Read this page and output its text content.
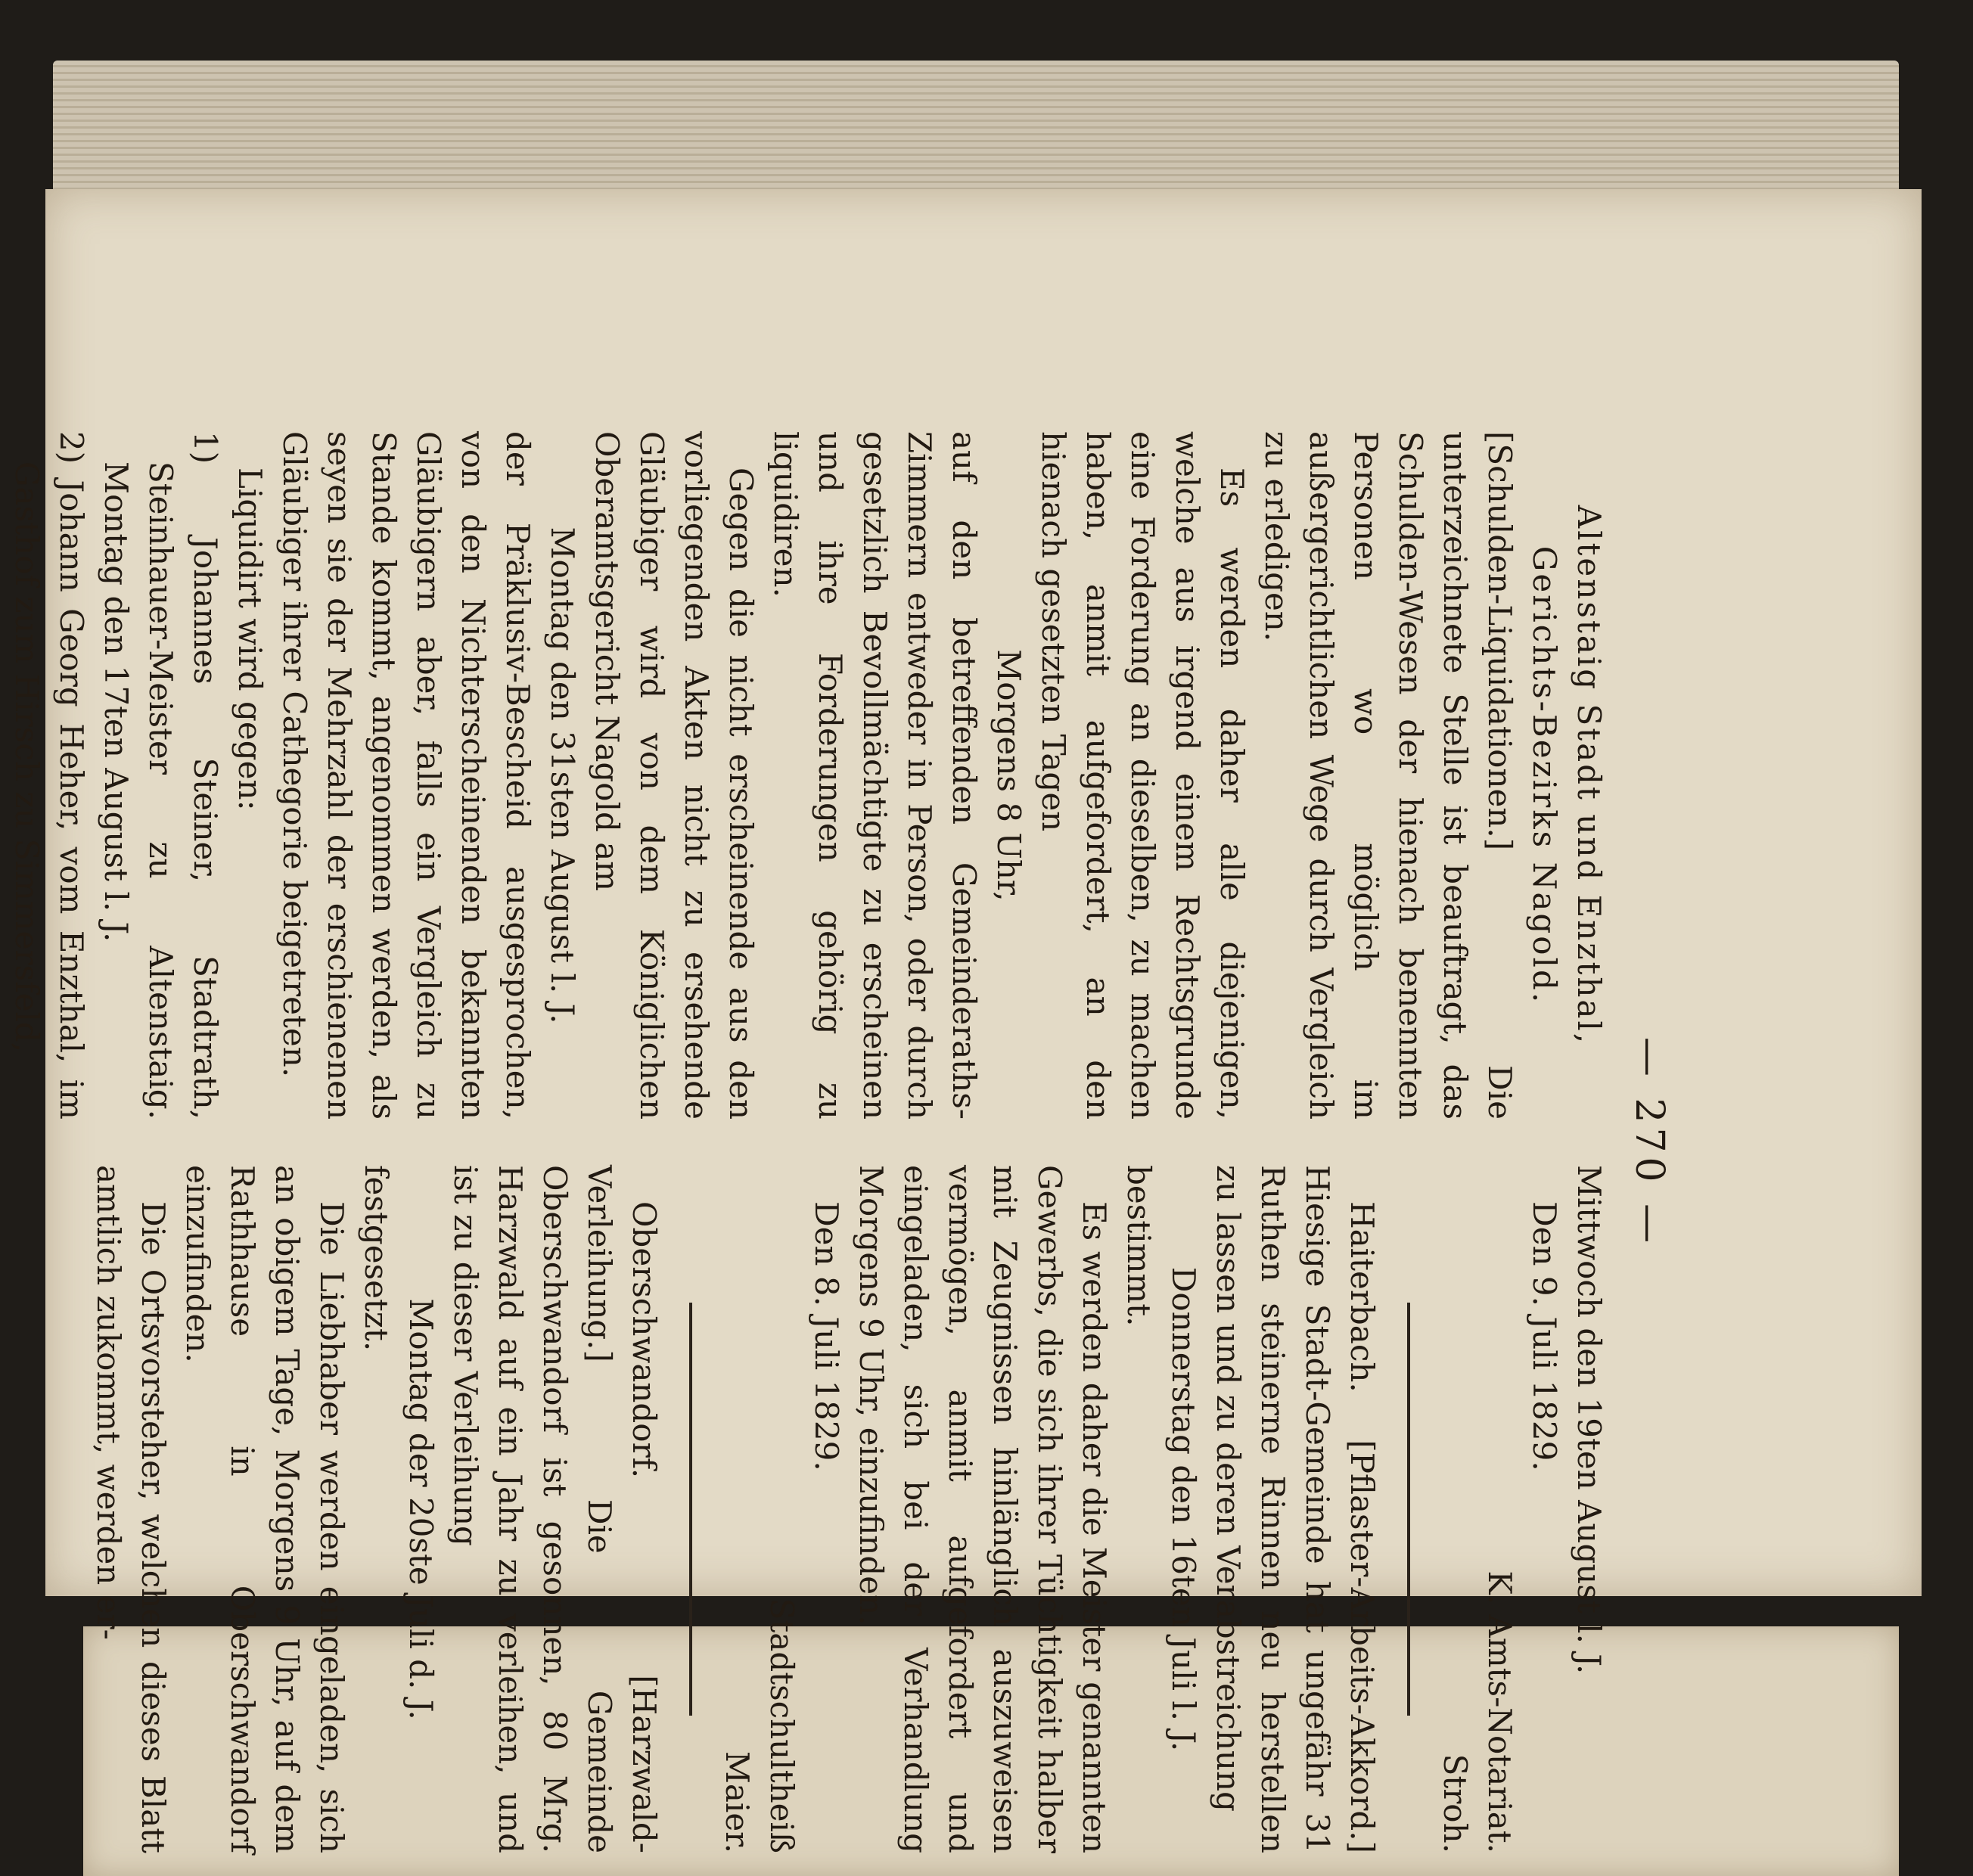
— 270 —

Altenstaig Stadt und Enzthal, Gerichts-Bezirks Nagold.

[Schulden-Liquidationen.] Die unterzeichnete Stelle ist beauftragt, das Schulden-Wesen der hienach benennten Personen wo möglich im außergerichtlichen Wege durch Vergleich zu erledigen.

Es werden daher alle diejenigen, welche aus irgend einem Rechtsgrunde eine Forderung an dieselben, zu machen haben, anmit aufgefordert, an den hienach gesetzten Tagen

Morgens 8 Uhr,

auf den betreffenden Gemeinderaths-Zimmern entweder in Person, oder durch gesetzlich Bevollmächtigte zu erscheinen und ihre Forderungen gehörig zu liquidiren.

Gegen die nicht erscheinende aus den vorliegenden Akten nicht zu ersehende Gläubiger wird von dem Königlichen Oberamtsgericht Nagold am

Montag den 31sten August l. J.

der Präklusiv-Bescheid ausgesprochen, von den Nichterscheinenden bekannten Gläubigern aber, falls ein Vergleich zu Stande kommt, angenommen werden, als seyen sie der Mehrzahl der erschienenen Gläubiger ihrer Cathegorie beigetreten.

Liquidirt wird gegen:

1) Johannes Steiner, Stadtrath, Steinhauer-Meister zu Altenstaig. Montag den 17ten August l. J.

2) Johann Georg Heher, vom Enzthal, im Gasthof zum Hirsch zu Simmersfeld,

Mittwoch den 19ten August l. J.

Den 9. Juli 1829.

K. Amts-Notariat.

Stroh.

Haiterbach. [Pflaster-Arbeits-Akkord.] Hiesige Stadt-Gemeinde hat ungefähr 31 Ruthen steinerne Rinnen neu herstellen zu lassen und zu deren Verabstreichung

Donnerstag den 16ten Juli l. J.

bestimmt.

Es werden daher die Meister genannten Gewerbs, die sich ihrer Tüchtigkeit halber mit Zeugnissen hinlänglich auszuweisen vermögen, anmit aufgefordert und eingeladen, sich bei der Verhandlung Morgens 9 Uhr, einzufinden.

Den 8. Juli 1829.

Stadtschultheiß

Maier.

Oberschwandorf. [Harzwald-Verleihung.] Die Gemeinde Oberschwandorf ist gesonnen, 80 Mrg. Harzwald auf ein Jahr zu verleihen, und ist zu dieser Verleihung

Montag der 20ste Juli d. J.

festgesetzt.

Die Liebhaber werden eingeladen, sich an obigem Tage, Morgens 9 Uhr, auf dem Rathhause in Oberschwandorf einzufinden.

Die Ortsvorsteher, welchen dieses Blatt amtlich zukommt, werden er-
